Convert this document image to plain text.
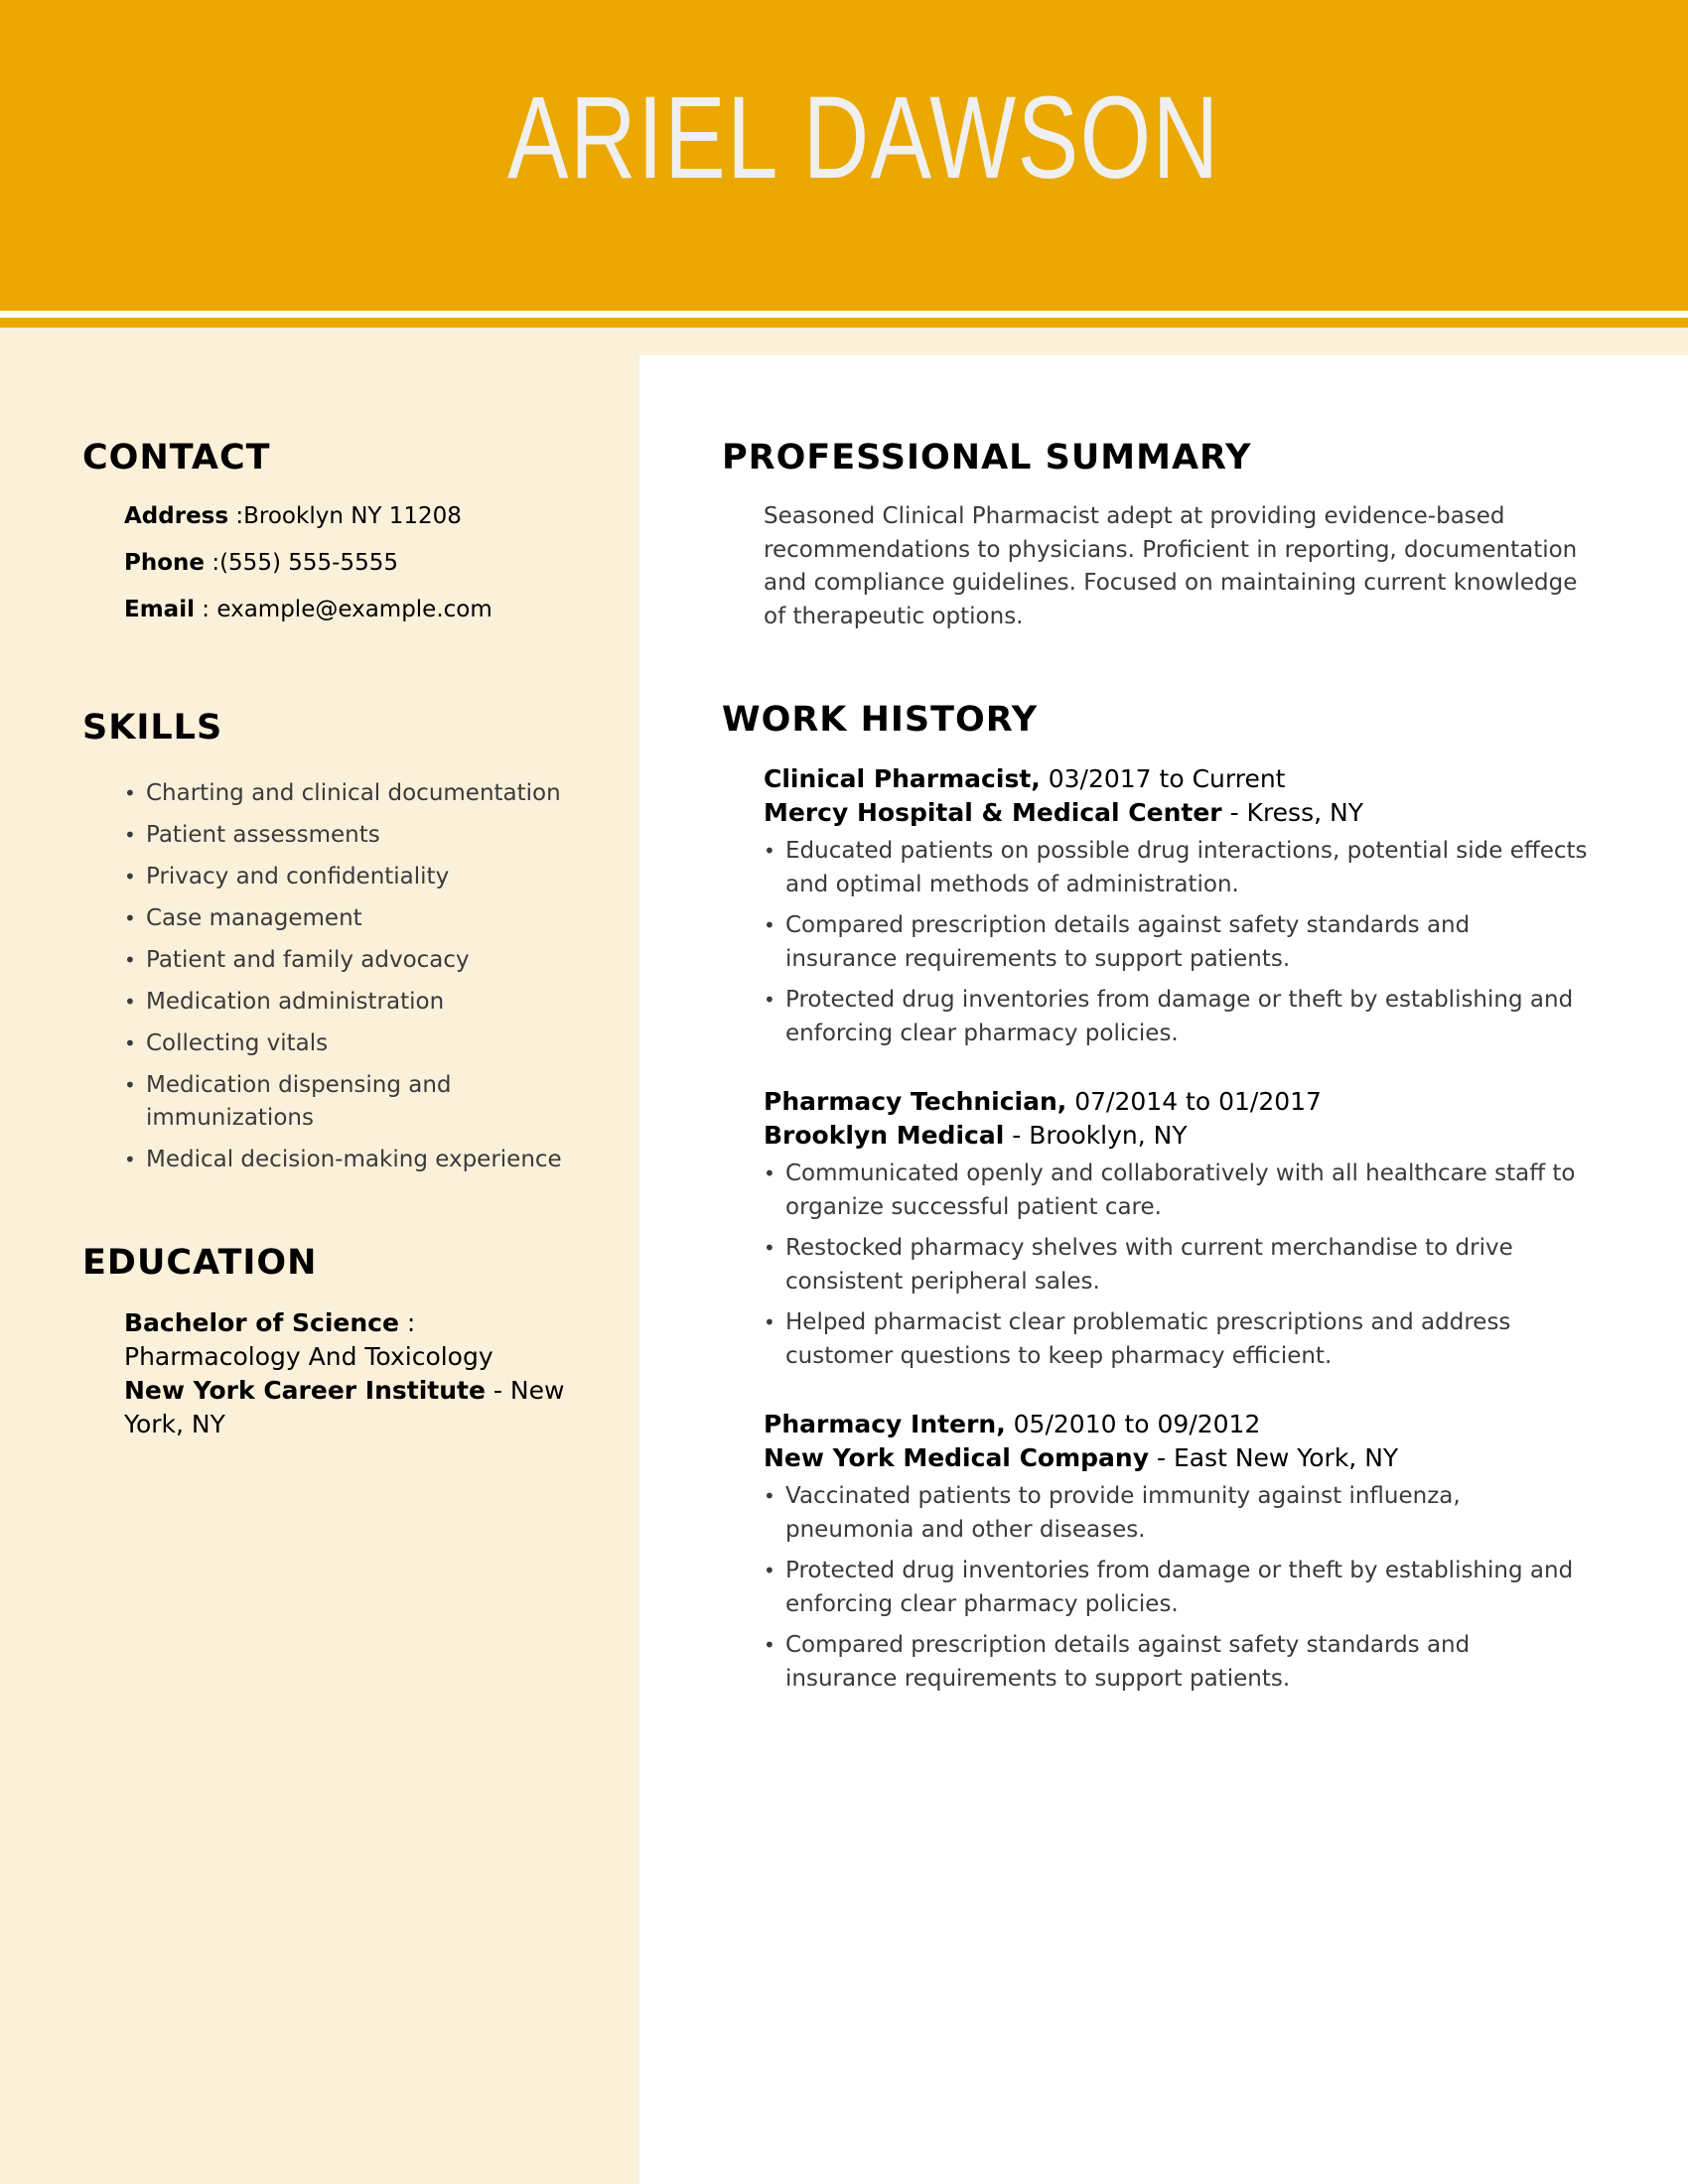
ARIEL DAWSON
CONTACT
Address :Brooklyn NY 11208
Phone :(555) 555-5555
Email : example@example.com
SKILLS
• Charting and clinical documentation
• Patient assessments
• Privacy and confidentiality
• Case management
• Patient and family advocacy
• Medication administration
• Collecting vitals
• Medication dispensing and immunizations
• Medical decision-making experience
EDUCATION
Bachelor of Science : Pharmacology And Toxicology
New York Career Institute - New York, NY
PROFESSIONAL SUMMARY
Seasoned Clinical Pharmacist adept at providing evidence-based recommendations to physicians. Proficient in reporting, documentation and compliance guidelines. Focused on maintaining current knowledge of therapeutic options.
WORK HISTORY
Clinical Pharmacist, 03/2017 to Current
Mercy Hospital & Medical Center - Kress, NY
• Educated patients on possible drug interactions, potential side effects and optimal methods of administration.
• Compared prescription details against safety standards and insurance requirements to support patients.
• Protected drug inventories from damage or theft by establishing and enforcing clear pharmacy policies.
Pharmacy Technician, 07/2014 to 01/2017
Brooklyn Medical - Brooklyn, NY
• Communicated openly and collaboratively with all healthcare staff to organize successful patient care.
• Restocked pharmacy shelves with current merchandise to drive consistent peripheral sales.
• Helped pharmacist clear problematic prescriptions and address customer questions to keep pharmacy efficient.
Pharmacy Intern, 05/2010 to 09/2012
New York Medical Company - East New York, NY
• Vaccinated patients to provide immunity against influenza, pneumonia and other diseases.
• Protected drug inventories from damage or theft by establishing and enforcing clear pharmacy policies.
• Compared prescription details against safety standards and insurance requirements to support patients.
